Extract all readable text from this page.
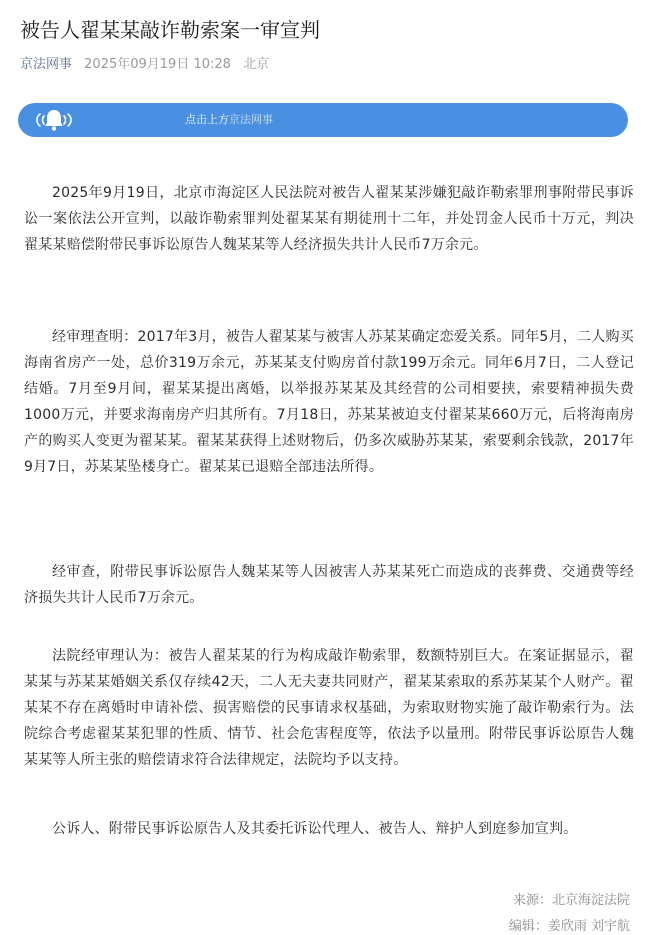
被告人翟某某敲诈勒索案一审宣判
京法网事 2025年09月19日 10:28 北京
点击上方京法网事

2025年9月19日，北京市海淀区人民法院对被告人翟某某涉嫌犯敲诈勒索罪刑事附带民事诉讼一案依法公开宣判，以敲诈勒索罪判处翟某某有期徒刑十二年，并处罚金人民币十万元，判决翟某某赔偿附带民事诉讼原告人魏某某等人经济损失共计人民币7万余元。

经审理查明：2017年3月，被告人翟某某与被害人苏某某确定恋爱关系。同年5月，二人购买海南省房产一处，总价319万余元，苏某某支付购房首付款199万余元。同年6月7日，二人登记结婚。7月至9月间，翟某某提出离婚，以举报苏某某及其经营的公司相要挟，索要精神损失费1000万元，并要求海南房产归其所有。7月18日，苏某某被迫支付翟某某660万元，后将海南房产的购买人变更为翟某某。翟某某获得上述财物后，仍多次威胁苏某某，索要剩余钱款，2017年9月7日，苏某某坠楼身亡。翟某某已退赔全部违法所得。

经审查，附带民事诉讼原告人魏某某等人因被害人苏某某死亡而造成的丧葬费、交通费等经济损失共计人民币7万余元。

法院经审理认为：被告人翟某某的行为构成敲诈勒索罪，数额特别巨大。在案证据显示，翟某某与苏某某婚姻关系仅存续42天，二人无夫妻共同财产，翟某某索取的系苏某某个人财产。翟某某不存在离婚时申请补偿、损害赔偿的民事请求权基础，为索取财物实施了敲诈勒索行为。法院综合考虑翟某某犯罪的性质、情节、社会危害程度等，依法予以量刑。附带民事诉讼原告人魏某某等人所主张的赔偿请求符合法律规定，法院均予以支持。

公诉人、附带民事诉讼原告人及其委托诉讼代理人、被告人、辩护人到庭参加宣判。

来源：北京海淀法院
编辑：姜欣雨 刘宇航
